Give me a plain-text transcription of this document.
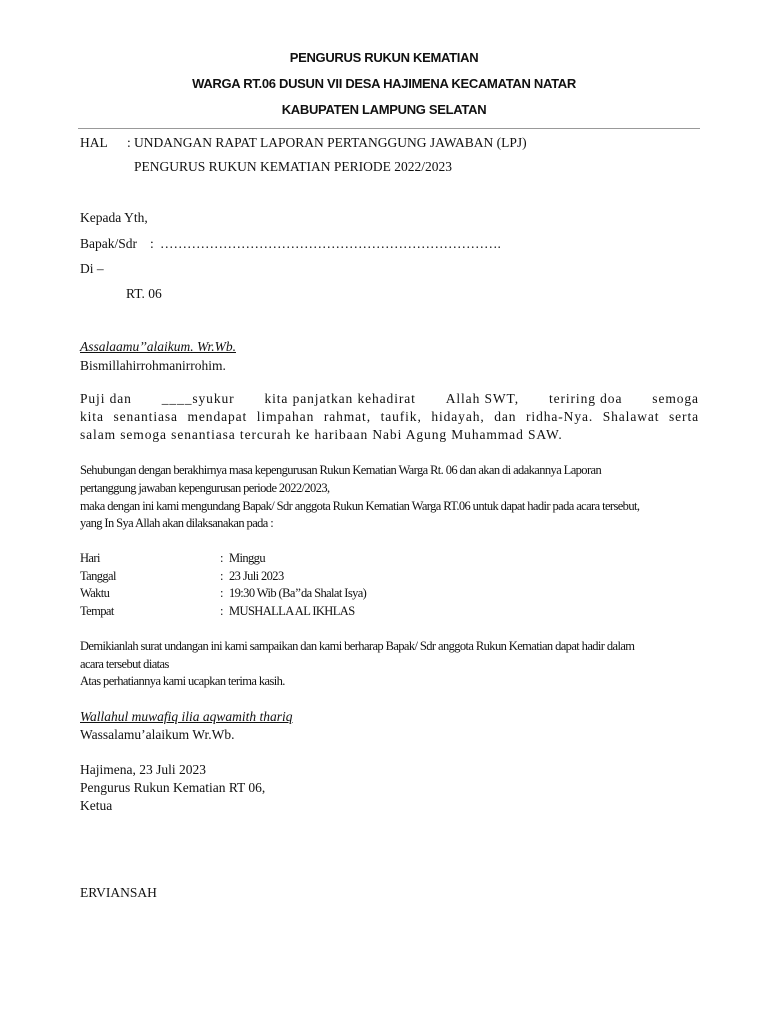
PENGURUS RUKUN KEMATIAN
WARGA RT.06 DUSUN VII DESA HAJIMENA KECAMATAN NATAR
KABUPATEN LAMPUNG SELATAN
HAL : UNDANGAN RAPAT LAPORAN PERTANGGUNG JAWABAN (LPJ)
PENGURUS RUKUN KEMATIAN PERIODE 2022/2023
Kepada Yth,
Bapak/Sdr : ………………………………………………………………….
Di –
RT. 06
Assalaamu’’alaikum. Wr.Wb.
Bismillahirrohmanirrohim.
Puji dan ____syukur kita panjatkan kehadirat Allah SWT, teriring doa semoga
kita senantiasa mendapat limpahan rahmat, taufik, hidayah, dan ridha-Nya. Shalawat serta
salam semoga senantiasa tercurah ke haribaan Nabi Agung Muhammad SAW.
Sehubungan dengan berakhirnya masa kepengurusan Rukun Kematian Warga Rt. 06 dan akan di adakannya Laporan
pertanggung jawaban kepengurusan periode 2022/2023,
maka dengan ini kami mengundang Bapak/ Sdr anggota Rukun Kematian Warga RT.06 untuk dapat hadir pada acara tersebut,
yang In Sya Allah akan dilaksanakan pada :
Hari	: Minggu
Tanggal	: 23 Juli 2023
Waktu	: 19:30 Wib (Ba’’da Shalat Isya)
Tempat	: MUSHALLA AL IKHLAS
Demikianlah surat undangan ini kami sampaikan dan kami berharap Bapak/ Sdr anggota Rukun Kematian dapat hadir dalam
acara tersebut diatas
Atas perhatiannya kami ucapkan terima kasih.
Wallahul muwafiq ilia aqwamith thariq
Wassalamu’alaikum Wr.Wb.
Hajimena, 23 Juli 2023
Pengurus Rukun Kematian RT 06,
Ketua
ERVIANSAH
